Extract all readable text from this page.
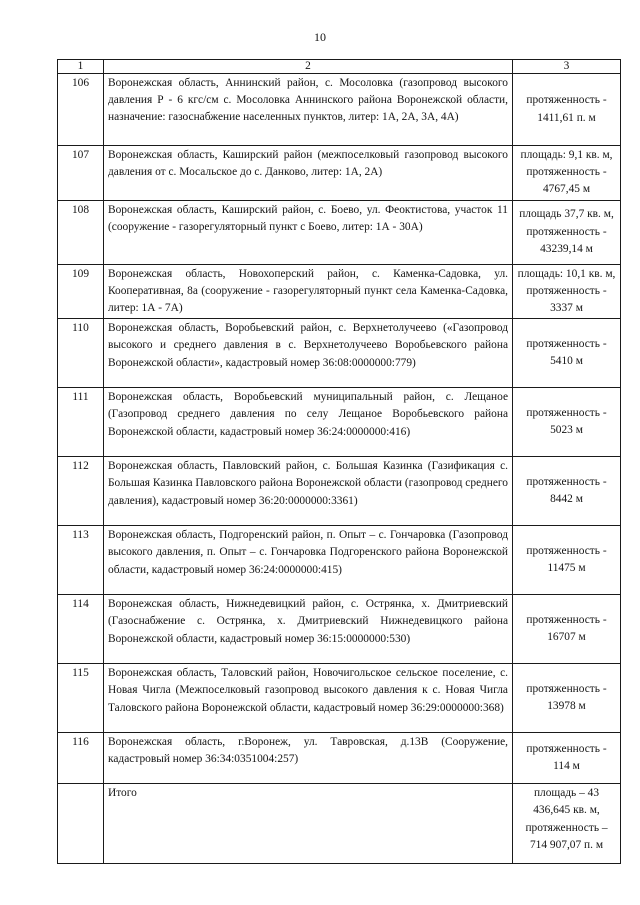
10
1	2	3
106	Воронежская область, Аннинский район, с. Мосоловка (газопровод высокого давления Р - 6 кгс/см с. Мосоловка Аннинского района Воронежской области, назначение: газоснабжение населенных пунктов, литер: 1А, 2А, 3А, 4А)	протяженность - 1411,61 п. м
107	Воронежская область, Каширский район (межпоселковый газопровод высокого давления от с. Мосальское до с. Данково, литер: 1А, 2А)	площадь: 9,1 кв. м, протяженность - 4767,45 м
108	Воронежская область, Каширский район, с. Боево, ул. Феоктистова, участок 11 (сооружение - газорегуляторный пункт с Боево, литер: 1А - 30А)	площадь 37,7 кв. м, протяженность - 43239,14 м
109	Воронежская область, Новохоперский район, с. Каменка-Садовка, ул. Кооперативная, 8а (сооружение - газорегуляторный пункт села Каменка-Садовка, литер: 1А - 7А)	площадь: 10,1 кв. м, протяженность - 3337 м
110	Воронежская область, Воробьевский район, с. Верхнетолучеево («Газопровод высокого и среднего давления в с. Верхнетолучеево Воробьевского района Воронежской области», кадастровый номер 36:08:0000000:779)	протяженность - 5410 м
111	Воронежская область, Воробьевский муниципальный район, с. Лещаное (Газопровод среднего давления по селу Лещаное Воробьевского района Воронежской области, кадастровый номер 36:24:0000000:416)	протяженность - 5023 м
112	Воронежская область, Павловский район, с. Большая Казинка (Газификация с. Большая Казинка Павловского района Воронежской области (газопровод среднего давления), кадастровый номер 36:20:0000000:3361)	протяженность - 8442 м
113	Воронежская область, Подгоренский район, п. Опыт – с. Гончаровка (Газопровод высокого давления, п. Опыт – с. Гончаровка Подгоренского района Воронежской области, кадастровый номер 36:24:0000000:415)	протяженность - 11475 м
114	Воронежская область, Нижнедевицкий район, с. Острянка, х. Дмитриевский (Газоснабжение с. Острянка, х. Дмитриевский Нижнедевицкого района Воронежской области, кадастровый номер 36:15:0000000:530)	протяженность - 16707 м
115	Воронежская область, Таловский район, Новочигольское сельское поселение, с. Новая Чигла (Межпоселковый газопровод высокого давления к с. Новая Чигла Таловского района Воронежской области, кадастровый номер 36:29:0000000:368)	протяженность - 13978 м
116	Воронежская область, г.Воронеж, ул. Тавровская, д.13В (Сооружение, кадастровый номер 36:34:0351004:257)	протяженность - 114 м
	Итого	площадь – 43 436,645 кв. м, протяженность – 714 907,07 п. м
